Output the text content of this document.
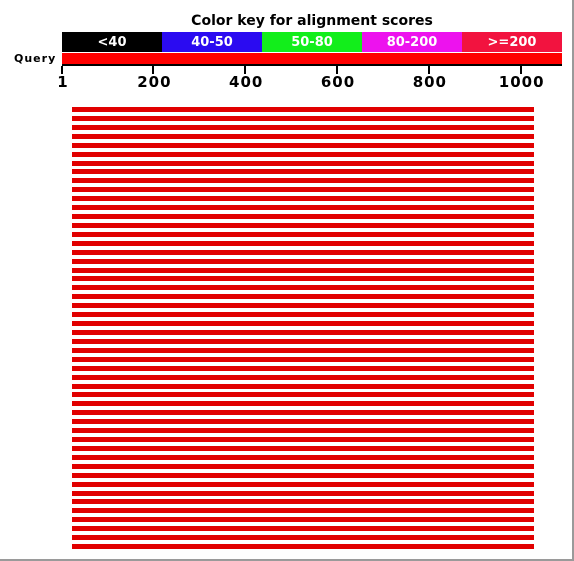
Color key for alignment scores
<40	40-50	50-80	80-200	>=200
Query
1	200	400	600	800	1000
